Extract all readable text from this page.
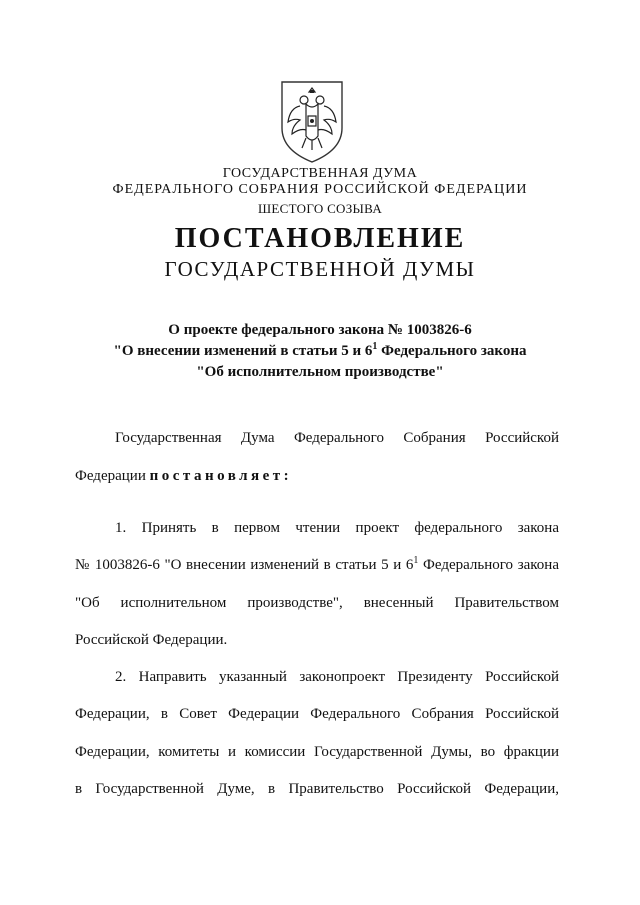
ГОСУДАРСТВЕННАЯ ДУМА
ФЕДЕРАЛЬНОГО СОБРАНИЯ РОССИЙСКОЙ ФЕДЕРАЦИИ
ШЕСТОГО СОЗЫВА
ПОСТАНОВЛЕНИЕ
ГОСУДАРСТВЕННОЙ ДУМЫ
О проекте федерального закона № 1003826-6
"О внесении изменений в статьи 5 и $6^1$ Федерального закона
"Об исполнительном производстве"
Государственная Дума Федерального Собрания Российской
Федерации постановляет:
1. Принять в первом чтении проект федерального закона
№ 1003826-6 "О внесении изменений в статьи 5 и $6^1$ Федерального закона
"Об исполнительном производстве", внесенный Правительством
Российской Федерации.
2. Направить указанный законопроект Президенту Российской
Федерации, в Совет Федерации Федерального Собрания Российской
Федерации, комитеты и комиссии Государственной Думы, во фракции
в Государственной Думе, в Правительство Российской Федерации,
